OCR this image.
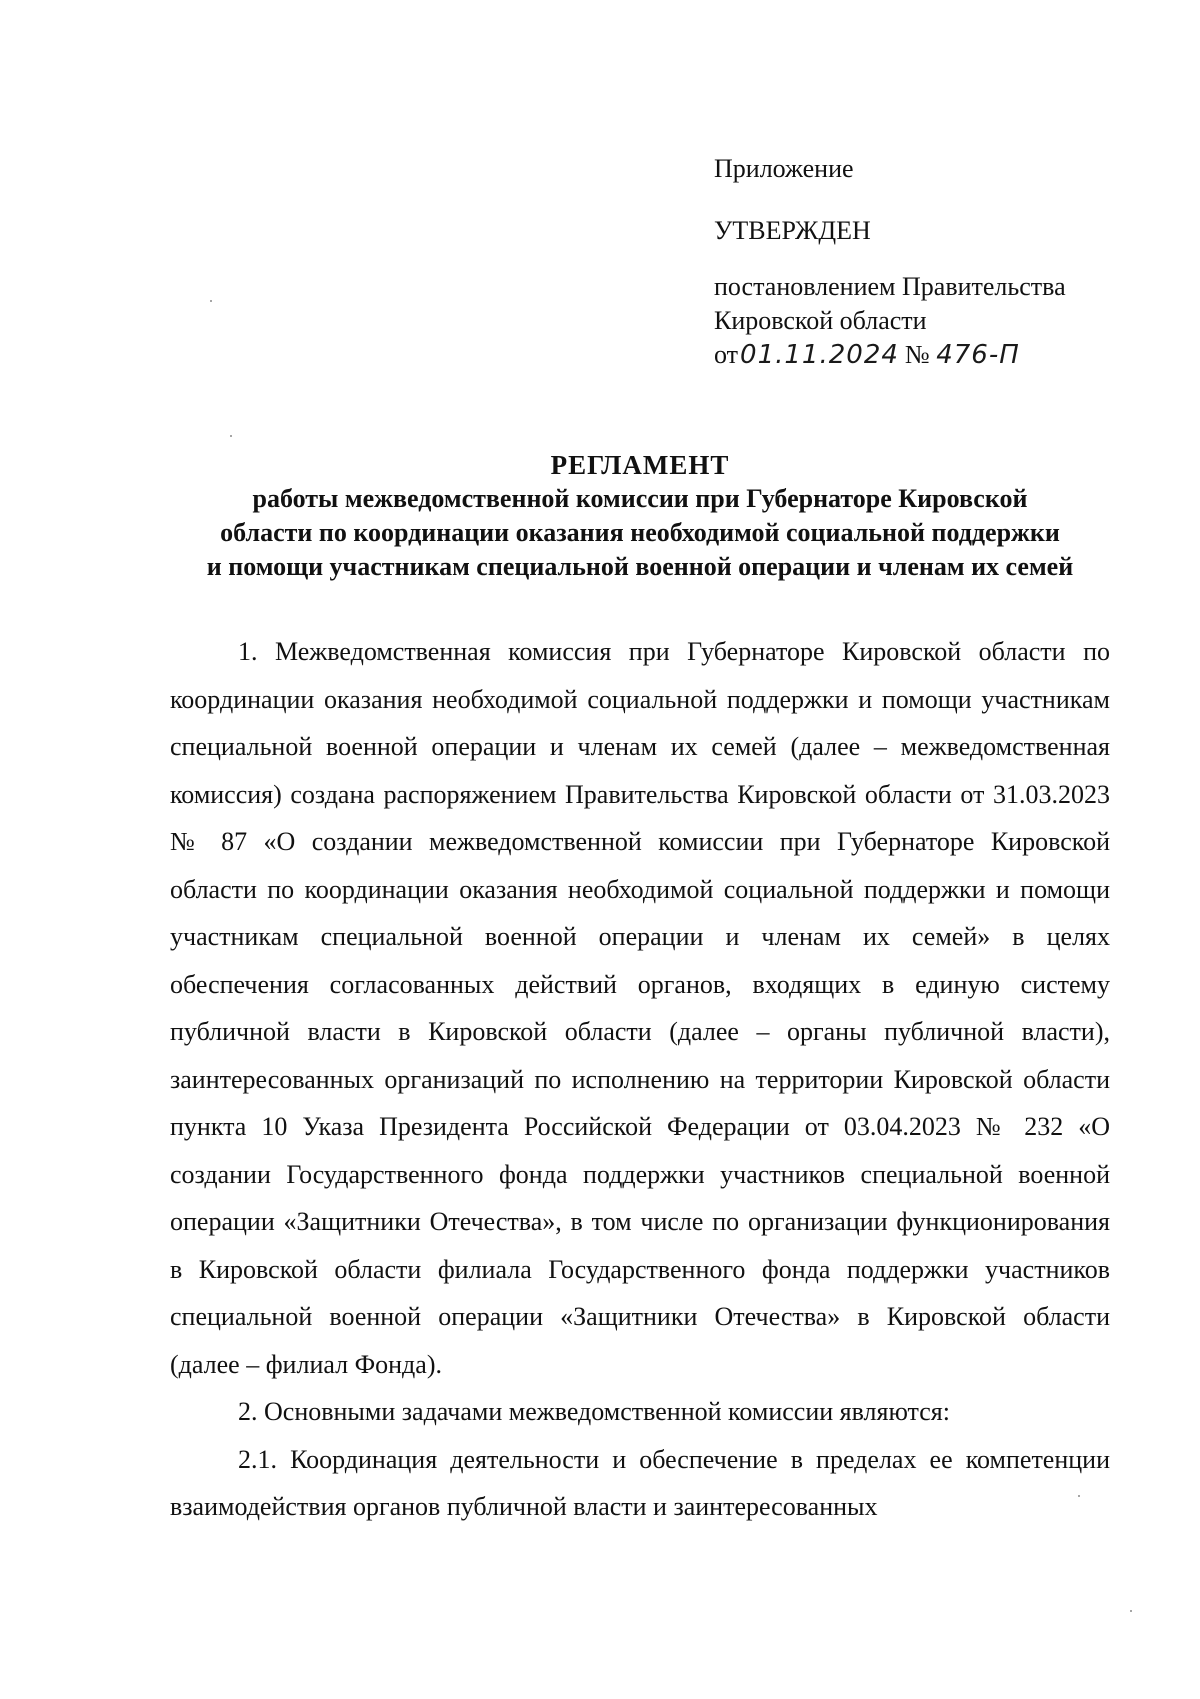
Приложение
УТВЕРЖДЕН
постановлением Правительства
Кировской области
от01.11.2024 № 476-П
РЕГЛАМЕНТ
работы межведомственной комиссии при Губернаторе Кировской
области по координации оказания необходимой социальной поддержки
и помощи участникам специальной военной операции и членам их семей

1. Межведомственная комиссия при Губернаторе Кировской области по координации оказания необходимой социальной поддержки и помощи участникам специальной военной операции и членам их семей (далее – межведомственная комиссия) создана распоряжением Правительства Кировской области от 31.03.2023 № 87 «О создании межведомственной комиссии при Губернаторе Кировской области по координации оказания необходимой социальной поддержки и помощи участникам специальной военной операции и членам их семей» в целях обеспечения согласованных действий органов, входящих в единую систему публичной власти в Кировской области (далее – органы публичной власти), заинтересованных организаций по исполнению на территории Кировской области пункта 10 Указа Президента Российской Федерации от 03.04.2023 № 232 «О создании Государственного фонда поддержки участников специальной военной операции «Защитники Отечества», в том числе по организации функционирования в Кировской области филиала Государственного фонда поддержки участников специальной военной операции «Защитники Отечества» в Кировской области (далее – филиал Фонда).

2. Основными задачами межведомственной комиссии являются:

2.1. Координация деятельности и обеспечение в пределах ее компетенции взаимодействия органов публичной власти и заинтересованных
